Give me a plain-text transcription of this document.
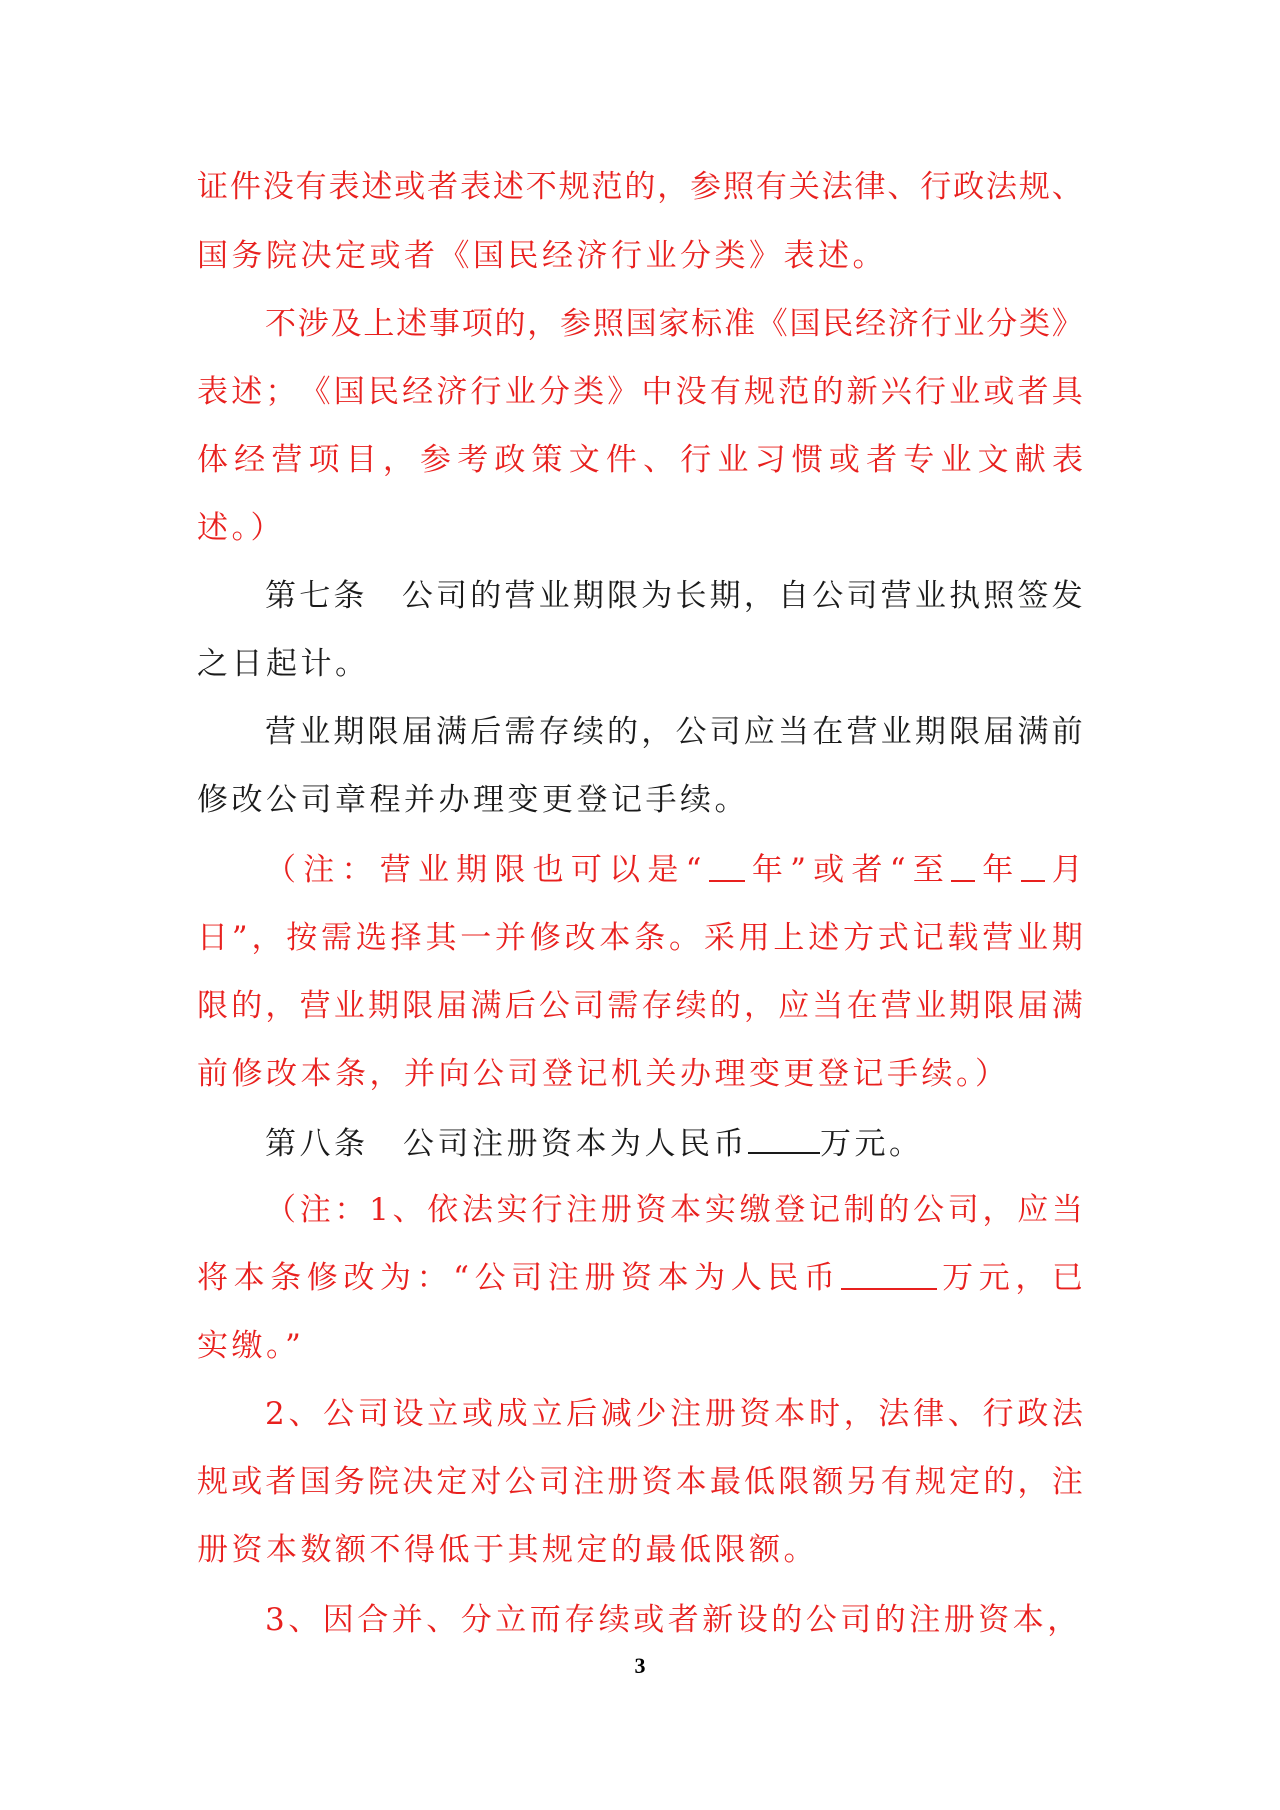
证 件 没 有 表 述 或 者 表 述 不 规 范 的 ， 参 照 有 关 法 律 、 行 政 法 规 、
国务院决定或者《国民经济行业分类》表述。
不 涉 及 上 述 事 项 的 ， 参 照 国 家 标 准 《 国 民 经 济 行 业 分 类 》
表 述 ； 《 国 民 经 济 行 业 分 类 》 中 没 有 规 范 的 新 兴 行 业 或 者 具
体 经 营 项 目 ， 参 考 政 策 文 件 、 行 业 习 惯 或 者 专 业 文 献 表
述。）
第 七 条
　 公 司 的 营 业 期 限 为 长 期 ， 自 公 司 营 业 执 照 签 发
之日起计。
营 业 期 限 届 满 后 需 存 续 的 ， 公 司 应 当 在 营 业 期 限 届 满 前
修改公司章程并办理变更登记手续。
（ 注 ： 营 业 期 限 也 可 以 是 “ 年 ” 或 者 “ 至 年 月
日 ” ， 按 需 选 择 其 一 并 修 改 本 条 。 采 用 上 述 方 式 记 载 营 业 期
限 的 ， 营 业 期 限 届 满 后 公 司 需 存 续 的 ， 应 当 在 营 业 期 限 届 满
前修改本条，并向公司登记机关办理变更登记手续。）
第八条　公司注册资本为人民币 万元。
（ 注 ： 1 、 依 法 实 行 注 册 资 本 实 缴 登 记 制 的 公 司 ， 应 当
将 本 条 修 改 为 ： “ 公 司 注 册 资 本 为 人 民 币	万 元 ， 已
实缴。”
2 、 公 司 设 立 或 成 立 后 减 少 注 册 资 本 时 ， 法 律 、 行 政 法
规 或 者 国 务 院 决 定 对 公 司 注 册 资 本 最 低 限 额 另 有 规 定 的 ， 注
册资本数额不得低于其规定的最低限额。
3、因合并、分立而存续或者新设的公司的注册资本，
3
